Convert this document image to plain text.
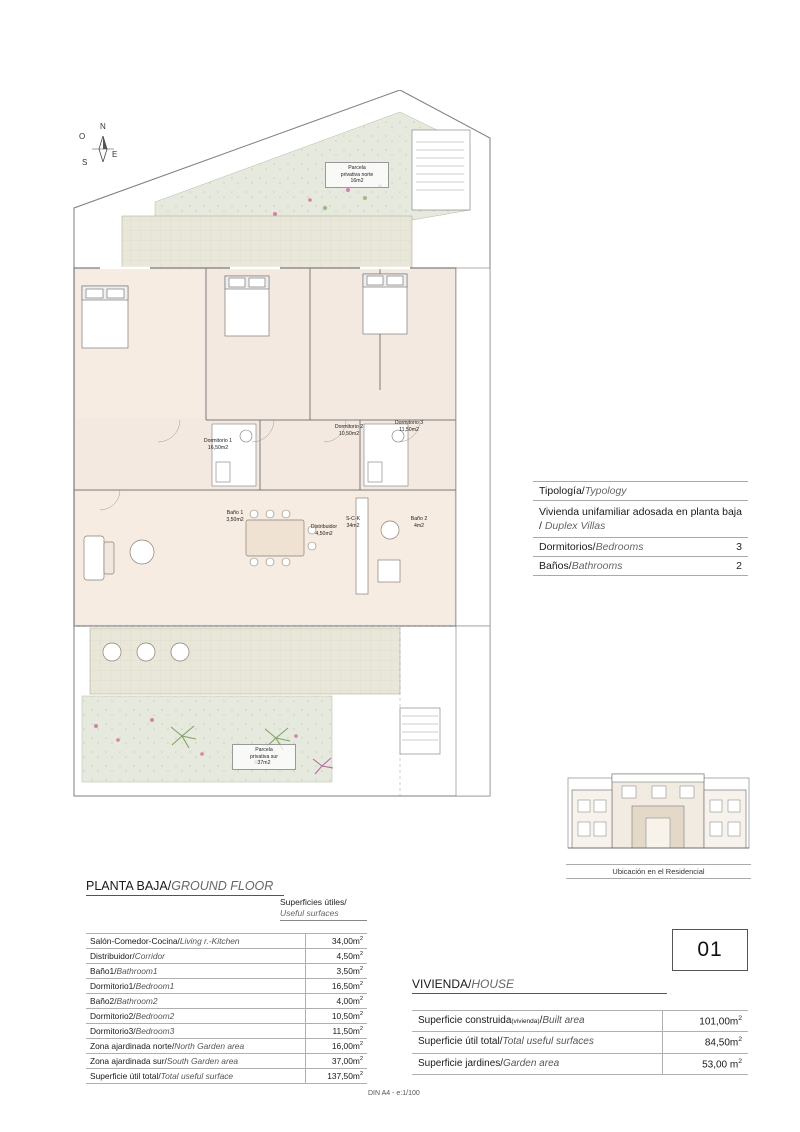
N
O
E
S
Dormitorio 1
16,50m2
Dormitorio 2
10,50m2
Dormitorio 3
11,50m2
Baño 1
3,50m2
Distribuidor
4,50m2
Baño 2
4m2
S-C-K
34m2
Parcela
privativa norte
16m2
Parcela
privativa sur
37m2
Tipología/Typology
Vivienda unifamiliar adosada en planta baja / Duplex Villas
Dormitorios/Bedrooms	3
Baños/Bathrooms	2
Ubicación en el Residencial
PLANTA BAJA/GROUND FLOOR
Superficies útiles/
Useful surfaces
Salón-Comedor-Cocina/Living r.-Kitchen	$34,00m^2$
Distribuidor/Corridor	$4,50m^2$
Baño1/Bathroom1	$3,50m^2$
Dormitorio1/Bedroom1	$16,50m^2$
Baño2/Bathroom2	$4,00m^2$
Dormitorio2/Bedroom2	$10,50m^2$
Dormitorio3/Bedroom3	$11,50m^2$
Zona ajardinada norte/North Garden area	$16,00m^2$
Zona ajardinada sur/South Garden area	$37,00m^2$
Superficie útil total/Total useful surface	$137,50m^2$
DIN A4 - e:1/100
01
VIVIENDA/HOUSE
Superficie construida(vivienda)/Built area	$101,00m^2$
Superficie útil total/Total useful surfaces	$84,50m^2$
Superficie jardines/Garden area	53,00 $m^2$
